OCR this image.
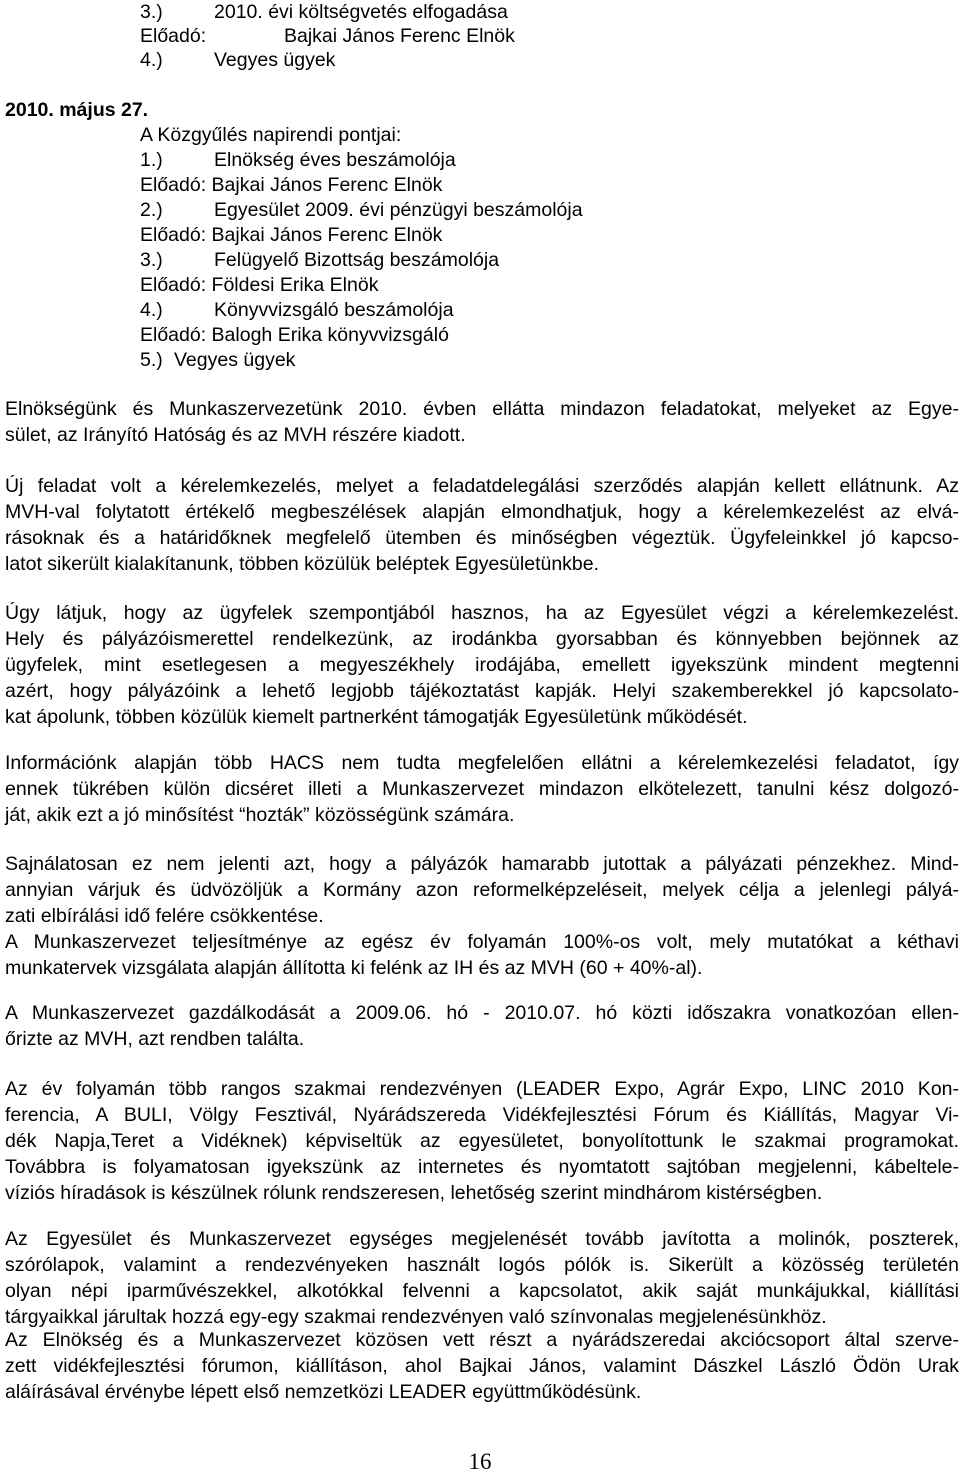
3.)	2010. évi költségvetés elfogadása
Előadó:	Bajkai János Ferenc Elnök
4.)	Vegyes ügyek
2010. május 27.
A Közgyűlés napirendi pontjai:
1.)	Elnökség éves beszámolója
Előadó: Bajkai János Ferenc Elnök
2.)	Egyesület 2009. évi pénzügyi beszámolója
Előadó: Bajkai János Ferenc Elnök
3.)	Felügyelő Bizottság beszámolója
Előadó: Földesi Erika Elnök
4.)	Könyvvizsgáló beszámolója
Előadó: Balogh Erika könyvvizsgáló
5.) Vegyes ügyek
Elnökségünk és Munkaszervezetünk 2010. évben ellátta mindazon feladatokat, melyeket az Egye-
sület, az Irányító Hatóság és az MVH részére kiadott.
Új feladat volt a kérelemkezelés, melyet a feladatdelegálási szerződés alapján kellett ellátnunk. Az
MVH-val folytatott értékelő megbeszélések alapján elmondhatjuk, hogy a kérelemkezelést az elvá-
rásoknak és a határidőknek megfelelő ütemben és minőségben végeztük. Ügyfeleinkkel jó kapcso-
latot sikerült kialakítanunk, többen közülük beléptek Egyesületünkbe.
Úgy látjuk, hogy az ügyfelek szempontjából hasznos, ha az Egyesület végzi a kérelemkezelést.
Hely és pályázóismerettel rendelkezünk, az irodánkba gyorsabban és könnyebben bejönnek az
ügyfelek, mint esetlegesen a megyeszékhely irodájába, emellett igyekszünk mindent megtenni
azért, hogy pályázóink a lehető legjobb tájékoztatást kapják. Helyi szakemberekkel jó kapcsolato-
kat ápolunk, többen közülük kiemelt partnerként támogatják Egyesületünk működését.
Információnk alapján több HACS nem tudta megfelelően ellátni a kérelemkezelési feladatot, így
ennek tükrében külön dicséret illeti a Munkaszervezet mindazon elkötelezett, tanulni kész dolgozó-
ját, akik ezt a jó minősítést “hozták” közösségünk számára.
Sajnálatosan ez nem jelenti azt, hogy a pályázók hamarabb jutottak a pályázati pénzekhez. Mind-
annyian várjuk és üdvözöljük a Kormány azon reformelképzeléseit, melyek célja a jelenlegi pályá-
zati elbírálási idő felére csökkentése.
A Munkaszervezet teljesítménye az egész év folyamán 100%-os volt, mely mutatókat a kéthavi
munkatervek vizsgálata alapján állította ki felénk az IH és az MVH (60 + 40%-al).
A Munkaszervezet gazdálkodását a 2009.06. hó - 2010.07. hó közti időszakra vonatkozóan ellen-
őrizte az MVH, azt rendben találta.
Az év folyamán több rangos szakmai rendezvényen (LEADER Expo, Agrár Expo, LINC 2010 Kon-
ferencia, A BULI, Völgy Fesztivál, Nyárádszereda Vidékfejlesztési Fórum és Kiállítás, Magyar Vi-
dék Napja,Teret a Vidéknek) képviseltük az egyesületet, bonyolítottunk le szakmai programokat.
Továbbra is folyamatosan igyekszünk az internetes és nyomtatott sajtóban megjelenni, kábeltele-
víziós híradások is készülnek rólunk rendszeresen, lehetőség szerint mindhárom kistérségben.
Az Egyesület és Munkaszervezet egységes megjelenését tovább javította a molinók, poszterek,
szórólapok, valamint a rendezvényeken használt logós pólók is. Sikerült a közösség területén
olyan népi iparművészekkel, alkotókkal felvenni a kapcsolatot, akik saját munkájukkal, kiállítási
tárgyaikkal járultak hozzá egy-egy szakmai rendezvényen való színvonalas megjelenésünkhöz.
Az Elnökség és a Munkaszervezet közösen vett részt a nyárádszeredai akciócsoport által szerve-
zett vidékfejlesztési fórumon, kiállításon, ahol Bajkai János, valamint Dászkel László Ödön Urak
aláírásával érvénybe lépett első nemzetközi LEADER együttműködésünk.
16
